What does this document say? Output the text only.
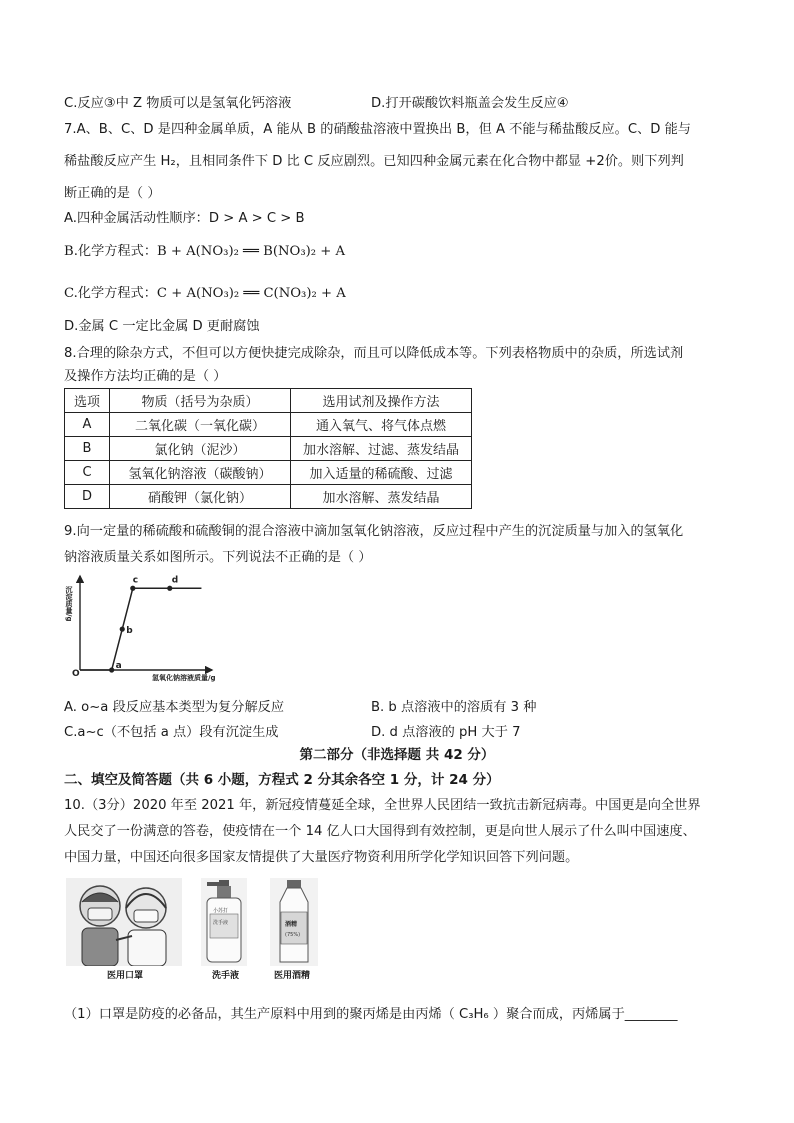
C.反应③中 Z 物质可以是氢氧化钙溶液	D.打开碳酸饮料瓶盖会发生反应④
7.A、B、C、D 是四种金属单质，A 能从 B 的硝酸盐溶液中置换出 B，但 A 不能与稀盐酸反应。C、D 能与
稀盐酸反应产生 H₂，且相同条件下 D 比 C 反应剧烈。已知四种金属元素在化合物中都显 +2价。则下列判
断正确的是（ ）
A.四种金属活动性顺序：D > A > C > B
B.化学方程式：B + A(NO₃)₂ ══ B(NO₃)₂ + A
C.化学方程式：C + A(NO₃)₂ ══ C(NO₃)₂ + A
D.金属 C 一定比金属 D 更耐腐蚀
8.合理的除杂方式，不但可以方便快捷完成除杂，而且可以降低成本等。下列表格物质中的杂质，所选试剂
及操作方法均正确的是（ ）
选项	物质（括号为杂质）	选用试剂及操作方法
A	二氧化碳（一氧化碳）	通入氧气、将气体点燃
B	氯化钠（泥沙）	加水溶解、过滤、蒸发结晶
C	氢氧化钠溶液（碳酸钠）	加入适量的稀硫酸、过滤
D	硝酸钾（氯化钠）	加水溶解、蒸发结晶
9.向一定量的稀硫酸和硫酸铜的混合溶液中滴加氢氧化钠溶液，反应过程中产生的沉淀质量与加入的氢氧化
钠溶液质量关系如图所示。下列说法不正确的是（ ）
沉淀质量/g
氢氧化钠溶液质量/g
O
a
b
c	d
A. o~a 段反应基本类型为复分解反应	B. b 点溶液中的溶质有 3 种
C.a~c（不包括 a 点）段有沉淀生成	D. d 点溶液的 pH 大于 7
第二部分（非选择题 共 42 分）
二、填空及简答题（共 6 小题，方程式 2 分其余各空 1 分，计 24 分）
10.（3分）2020 年至 2021 年，新冠疫情蔓延全球，全世界人民团结一致抗击新冠病毒。中国更是向全世界
人民交了一份满意的答卷，使疫情在一个 14 亿人口大国得到有效控制，更是向世人展示了什么叫中国速度、
中国力量，中国还向很多国家友情提供了大量医疗物资利用所学化学知识回答下列问题。
医用口罩
小苏打
洗手液
洗手液
酒精
(75%)
医用酒精
（1）口罩是防疫的必备品，其生产原料中用到的聚丙烯是由丙烯（ C₃H₆ ）聚合而成，丙烯属于________
